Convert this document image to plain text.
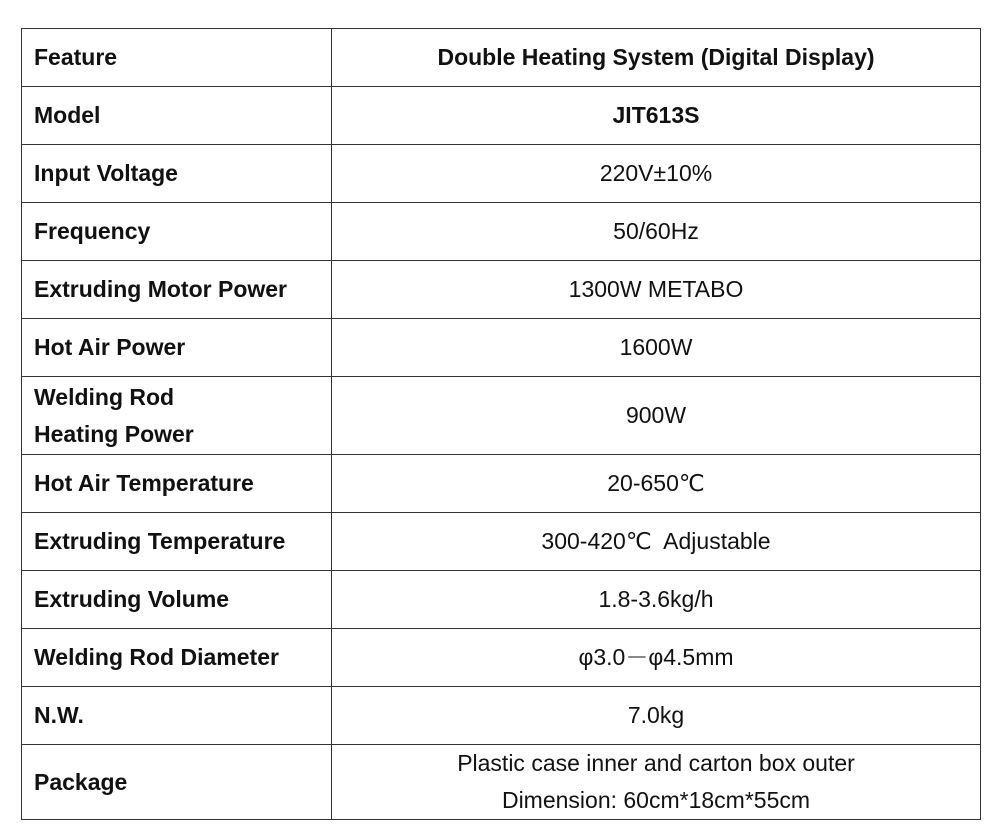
Feature	Double Heating System (Digital Display)
Model	JIT613S
Input Voltage	220V±10%
Frequency	50/60Hz
Extruding Motor Power	1300W METABO
Hot Air Power	1600W

Welding Rod
Heating Power	900W
Hot Air Temperature	20-650℃
Extruding Temperature	300-420℃  Adjustable
Extruding Volume	1.8-3.6kg/h
Welding Rod Diameter	φ3.0－φ4.5mm
N.W.	7.0kg
Package	Plastic case inner and carton box outer
Dimension: 60cm*18cm*55cm
